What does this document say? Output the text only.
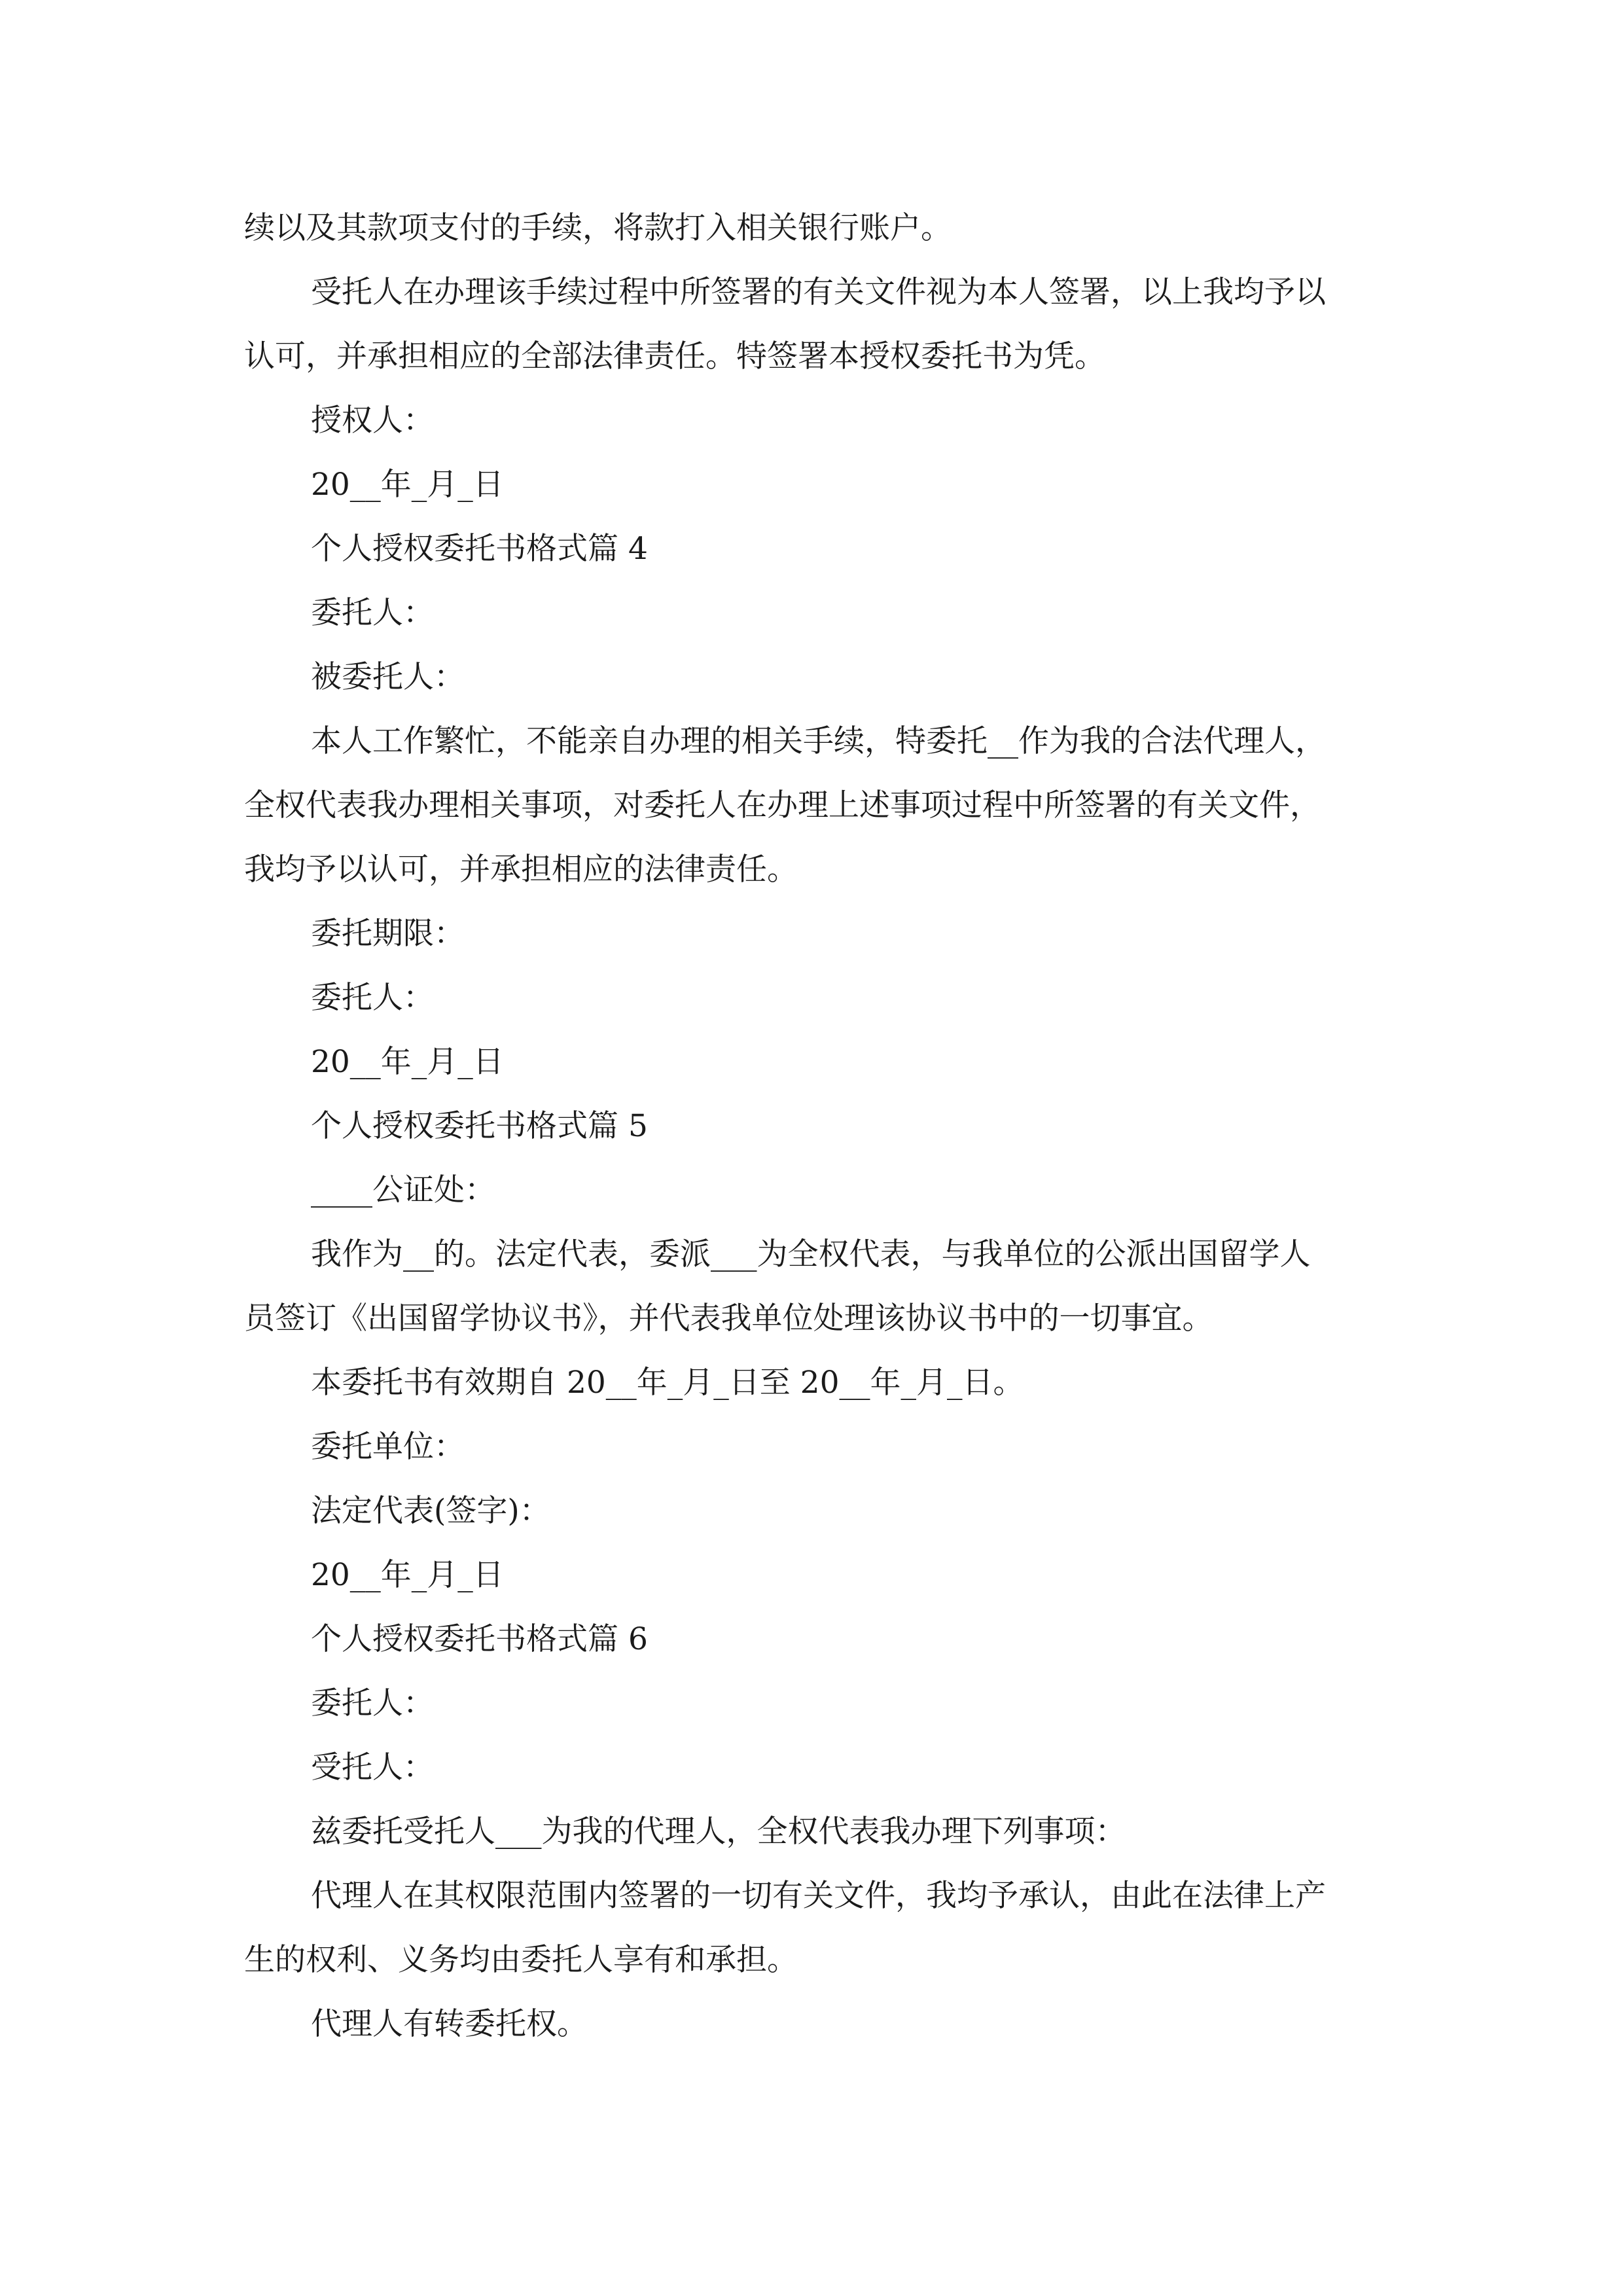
续以及其款项支付的手续，将款打入相关银行账户。
受托人在办理该手续过程中所签署的有关文件视为本人签署，以上我均予以
认可，并承担相应的全部法律责任。特签署本授权委托书为凭。
授权人：
20__年_月_日
个人授权委托书格式篇 4
委托人：
被委托人：
本人工作繁忙，不能亲自办理的相关手续，特委托__作为我的合法代理人，
全权代表我办理相关事项，对委托人在办理上述事项过程中所签署的有关文件，
我均予以认可，并承担相应的法律责任。
委托期限：
委托人：
20__年_月_日
个人授权委托书格式篇 5
____公证处：
我作为__的。法定代表，委派___为全权代表，与我单位的公派出国留学人
员签订《出国留学协议书》，并代表我单位处理该协议书中的一切事宜。
本委托书有效期自 20__年_月_日至 20__年_月_日。
委托单位：
法定代表(签字)：
20__年_月_日
个人授权委托书格式篇 6
委托人：
受托人：
兹委托受托人___为我的代理人，全权代表我办理下列事项：
代理人在其权限范围内签署的一切有关文件，我均予承认，由此在法律上产
生的权利、义务均由委托人享有和承担。
代理人有转委托权。
